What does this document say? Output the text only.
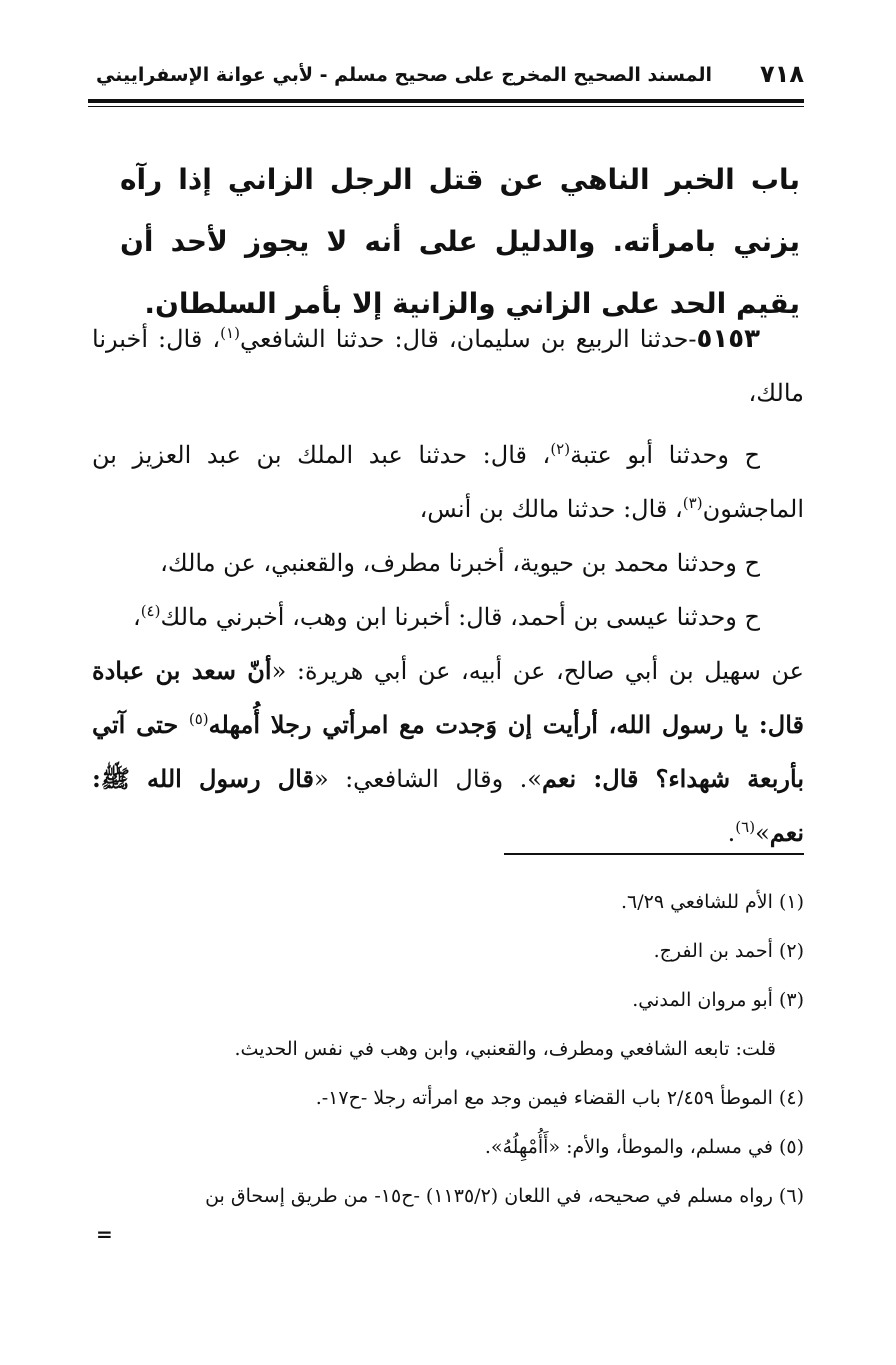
٧١٨
المسند الصحيح المخرج على صحيح مسلم - لأبي عوانة الإسفراييني
باب الخبر الناهي عن قتل الرجل الزاني إذا رآه يزني بامرأته. والدليل على أنه لا يجوز لأحد أن يقيم الحد على الزاني والزانية إلا بأمر السلطان.

٥١٥٣-حدثنا الربيع بن سليمان، قال: حدثنا الشافعي$^{(١)}$، قال: أخبرنا مالك،

ح وحدثنا أبو عتبة$^{(٢)}$، قال: حدثنا عبد الملك بن عبد العزيز بن الماجشون$^{(٣)}$، قال: حدثنا مالك بن أنس،

ح وحدثنا محمد بن حيوية، أخبرنا مطرف، والقعنبي، عن مالك،

ح وحدثنا عيسى بن أحمد، قال: أخبرنا ابن وهب، أخبرني مالك$^{(٤)}$،

عن سهيل بن أبي صالح، عن أبيه، عن أبي هريرة: «أنّ سعد بن عبادة قال: يا رسول الله، أرأيت إن وَجدت مع امرأتي رجلا أُمهله$^{(٥)}$ حتى آتي بأربعة شهداء؟ قال: نعم». وقال الشافعي: «قال رسول الله ﷺ: نعم»$^{(٦)}$.

(١) الأم للشافعي ٦/٢٩.

(٢) أحمد بن الفرج.

(٣) أبو مروان المدني.

قلت: تابعه الشافعي ومطرف، والقعنبي، وابن وهب في نفس الحديث.

(٤) الموطأ ٢/٤٥٩ باب القضاء فيمن وجد مع امرأته رجلا -ح١٧-.

(٥) في مسلم، والموطأ، والأم: «أَأُمْهِلُهُ».

(٦) رواه مسلم في صحيحه، في اللعان (١١٣٥/٢) -ح١٥- من طريق إسحاق بن

=
